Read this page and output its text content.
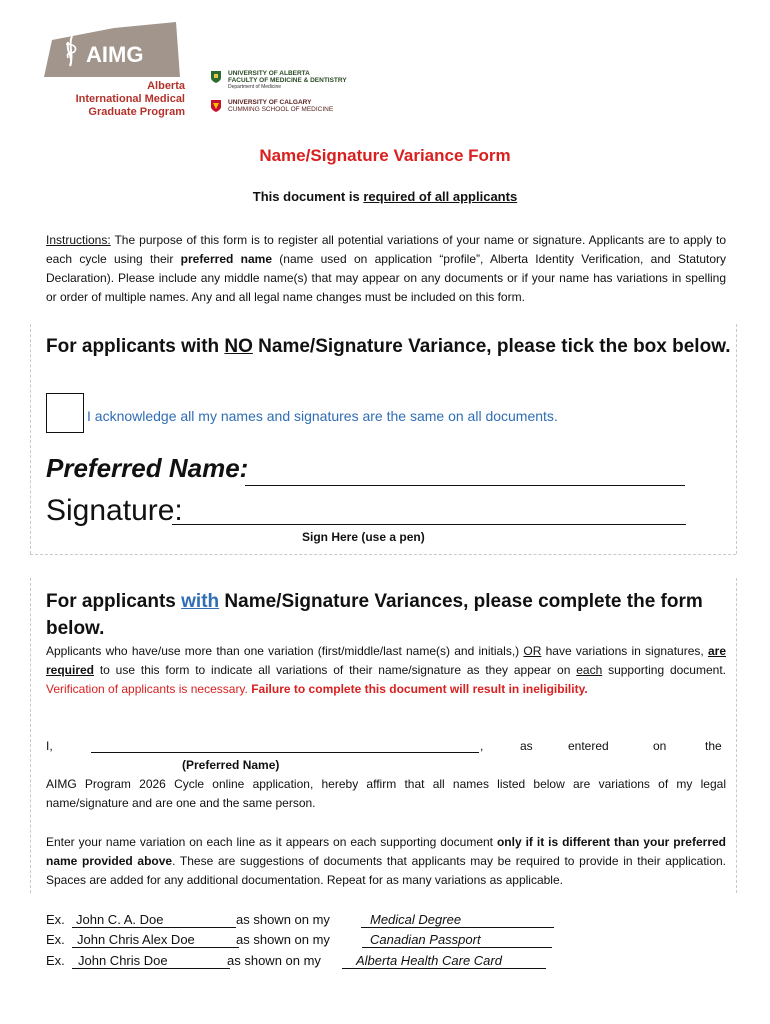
AIMG
Alberta
International Medical
Graduate Program
UNIVERSITY OF ALBERTA
FACULTY OF MEDICINE & DENTISTRY
Department of Medicine
UNIVERSITY OF CALGARY
CUMMING SCHOOL OF MEDICINE
Name/Signature Variance Form
This document is required of all applicants
Instructions: The purpose of this form is to register all potential variations of your name or signature. Applicants are to apply to each cycle using their preferred name (name used on application “profile”, Alberta Identity Verification, and Statutory Declaration). Please include any middle name(s) that may appear on any documents or if your name has variations in spelling or order of multiple names. Any and all legal name changes must be included on this form.
For applicants with NO Name/Signature Variance, please tick the box below.
I acknowledge all my names and signatures are the same on all documents.
Preferred Name:
Signature:
Sign Here (use a pen)
For applicants with Name/Signature Variances, please complete the form below.
Applicants who have/use more than one variation (first/middle/last name(s) and initials,) OR have variations in signatures, are required to use this form to indicate all variations of their name/signature as they appear on each supporting document. Verification of applicants is necessary. Failure to complete this document will result in ineligibility.
I,	,	as	entered	on	the
(Preferred Name)
AIMG Program 2026 Cycle online application, hereby affirm that all names listed below are variations of my legal name/signature and are one and the same person.
Enter your name variation on each line as it appears on each supporting document only if it is different than your preferred name provided above. These are suggestions of documents that applicants may be required to provide in their application. Spaces are added for any additional documentation. Repeat for as many variations as applicable.
Ex. John C. A. Doe	as shown on my	Medical Degree
Ex. John Chris Alex Doe	as shown on my	Canadian Passport
Ex.	John Chris Doe	as shown on my	Alberta Health Care Card
